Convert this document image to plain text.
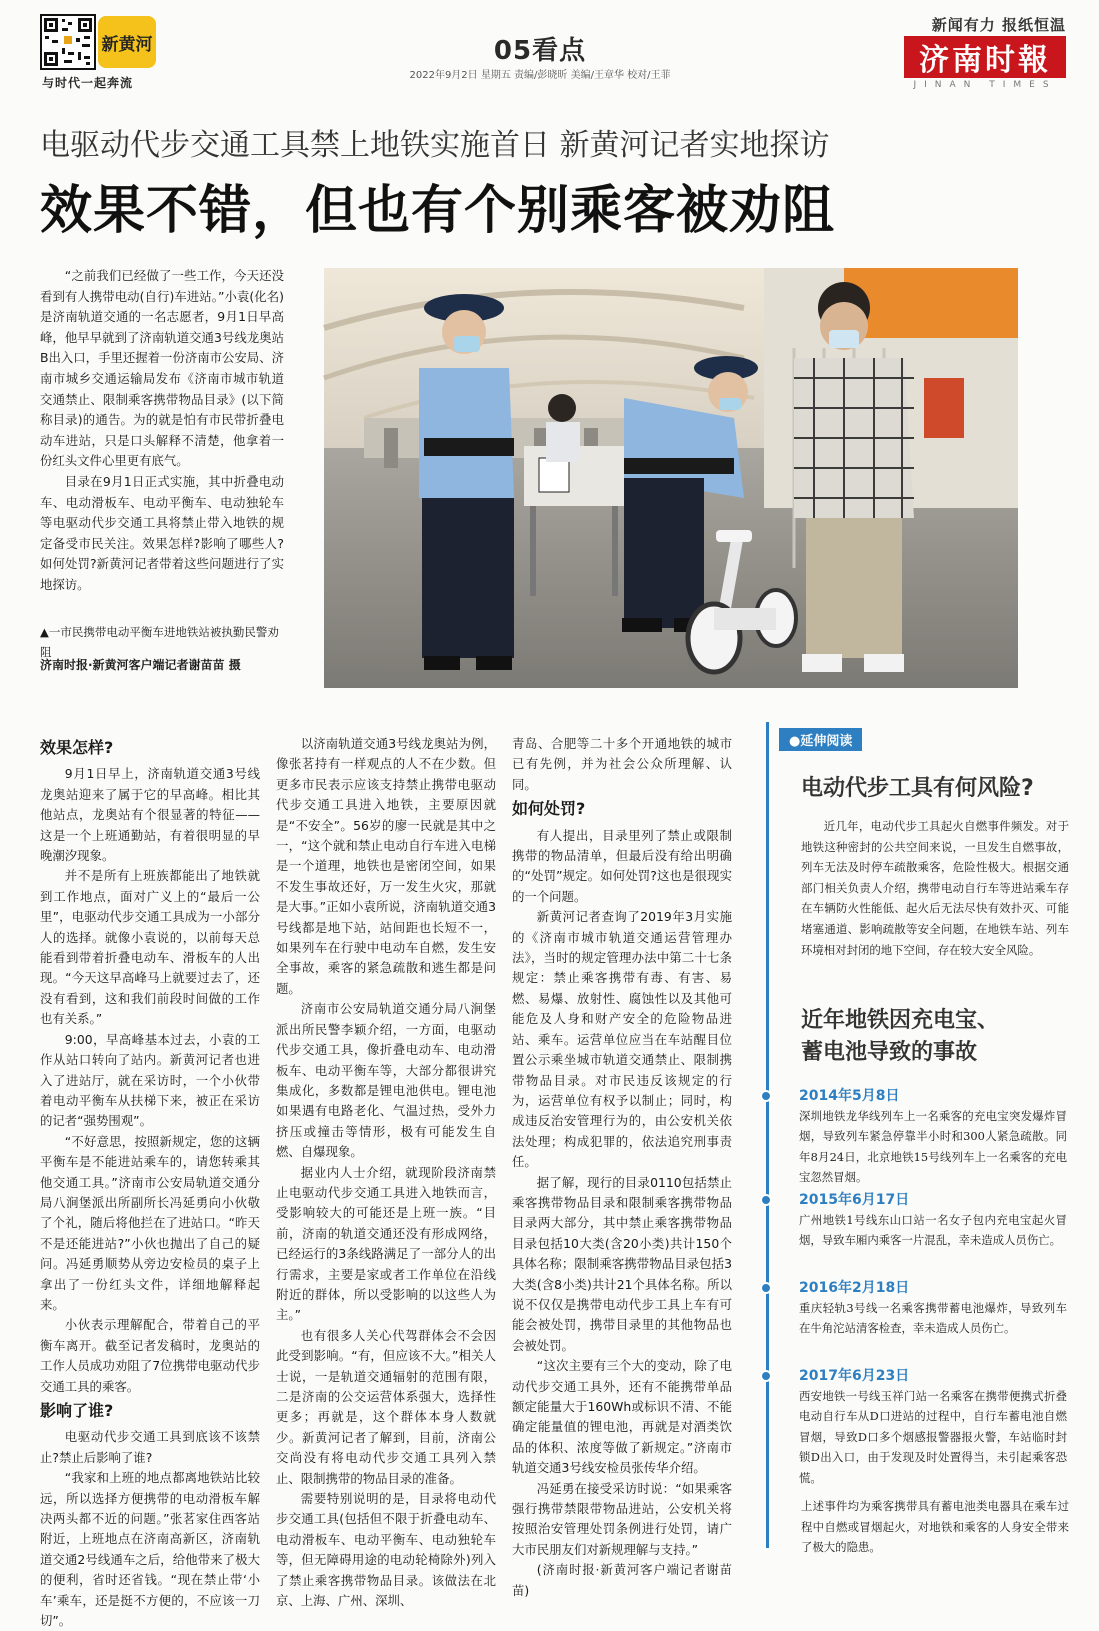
新黄河
与时代一起奔流
05看点
2022年9月2日 星期五 责编/彭晓昕 美编/王章华 校对/王菲
新闻有力 报纸恒温
济南时報
JINAN TIMES
电驱动代步交通工具禁上地铁实施首日 新黄河记者实地探访
效果不错，但也有个别乘客被劝阻

“之前我们已经做了一些工作，今天还没看到有人携带电动(自行)车进站。”小袁(化名)是济南轨道交通的一名志愿者，9月1日早高峰，他早早就到了济南轨道交通3号线龙奥站B出入口，手里还握着一份济南市公安局、济南市城乡交通运输局发布《济南市城市轨道交通禁止、限制乘客携带物品目录》(以下简称目录)的通告。为的就是怕有市民带折叠电动车进站，只是口头解释不清楚，他拿着一份红头文件心里更有底气。

目录在9月1日正式实施，其中折叠电动车、电动滑板车、电动平衡车、电动独轮车等电驱动代步交通工具将禁止带入地铁的规定备受市民关注。效果怎样?影响了哪些人?如何处罚?新黄河记者带着这些问题进行了实地探访。

▲一市民携带电动平衡车进地铁站被执勤民警劝阻
济南时报·新黄河客户端记者谢苗苗 摄
效果怎样?

9月1日早上，济南轨道交通3号线龙奥站迎来了属于它的早高峰。相比其他站点，龙奥站有个很显著的特征——这是一个上班通勤站，有着很明显的早晚潮汐现象。

并不是所有上班族都能出了地铁就到工作地点，面对广义上的“最后一公里”，电驱动代步交通工具成为一小部分人的选择。就像小袁说的，以前每天总能看到带着折叠电动车、滑板车的人出现。“今天这早高峰马上就要过去了，还没有看到，这和我们前段时间做的工作也有关系。”

9:00，早高峰基本过去，小袁的工作从站口转向了站内。新黄河记者也进入了进站厅，就在采访时，一个小伙带着电动平衡车从扶梯下来，被正在采访的记者“强势围观”。

“不好意思，按照新规定，您的这辆平衡车是不能进站乘车的，请您转乘其他交通工具。”济南市公安局轨道交通分局八涧堡派出所副所长冯延勇向小伙敬了个礼，随后将他拦在了进站口。“昨天不是还能进站?”小伙也抛出了自己的疑问。冯延勇顺势从旁边安检员的桌子上拿出了一份红头文件，详细地解释起来。

小伙表示理解配合，带着自己的平衡车离开。截至记者发稿时，龙奥站的工作人员成功劝阻了7位携带电驱动代步交通工具的乘客。

影响了谁?

电驱动代步交通工具到底该不该禁止?禁止后影响了谁?

“我家和上班的地点都离地铁站比较远，所以选择方便携带的电动滑板车解决两头都不近的问题。”张茗家住西客站附近，上班地点在济南高新区，济南轨道交通2号线通车之后，给他带来了极大的便利，省时还省钱。“现在禁止带‘小车’乘车，还是挺不方便的，不应该一刀切”。

以济南轨道交通3号线龙奥站为例，像张茗持有一样观点的人不在少数。但更多市民表示应该支持禁止携带电驱动代步交通工具进入地铁，主要原因就是“不安全”。56岁的廖一民就是其中之一，“这个就和禁止电动自行车进入电梯是一个道理，地铁也是密闭空间，如果不发生事故还好，万一发生火灾，那就是大事。”正如小袁所说，济南轨道交通3号线都是地下站，站间距也长短不一，如果列车在行驶中电动车自燃，发生安全事故，乘客的紧急疏散和逃生都是问题。

济南市公安局轨道交通分局八涧堡派出所民警李颖介绍，一方面，电驱动代步交通工具，像折叠电动车、电动滑板车、电动平衡车等，大部分都很讲究集成化，多数都是锂电池供电。锂电池如果遇有电路老化、气温过热，受外力挤压或撞击等情形，极有可能发生自燃、自爆现象。

据业内人士介绍，就现阶段济南禁止电驱动代步交通工具进入地铁而言，受影响较大的可能还是上班一族。“目前，济南的轨道交通还没有形成网络，已经运行的3条线路满足了一部分人的出行需求，主要是家或者工作单位在沿线附近的群体，所以受影响的以这些人为主。”

也有很多人关心代驾群体会不会因此受到影响。“有，但应该不大。”相关人士说，一是轨道交通辐射的范围有限，二是济南的公交运营体系强大，选择性更多；再就是，这个群体本身人数就少。新黄河记者了解到，目前，济南公交尚没有将电动代步交通工具列入禁止、限制携带的物品目录的准备。

需要特别说明的是，目录将电动代步交通工具(包括但不限于折叠电动车、电动滑板车、电动平衡车、电动独轮车等，但无障碍用途的电动轮椅除外)列入了禁止乘客携带物品目录。该做法在北京、上海、广州、深圳、

青岛、合肥等二十多个开通地铁的城市已有先例，并为社会公众所理解、认同。

如何处罚?

有人提出，目录里列了禁止或限制携带的物品清单，但最后没有给出明确的“处罚”规定。如何处罚?这也是很现实的一个问题。

新黄河记者查询了2019年3月实施的《济南市城市轨道交通运营管理办法》，当时的规定管理办法中第二十七条规定：禁止乘客携带有毒、有害、易燃、易爆、放射性、腐蚀性以及其他可能危及人身和财产安全的危险物品进站、乘车。运营单位应当在车站醒目位置公示乘坐城市轨道交通禁止、限制携带物品目录。对市民违反该规定的行为，运营单位有权予以制止；同时，构成违反治安管理行为的，由公安机关依法处理；构成犯罪的，依法追究刑事责任。

据了解，现行的目录0110包括禁止乘客携带物品目录和限制乘客携带物品目录两大部分，其中禁止乘客携带物品目录包括10大类(含20小类)共计150个具体名称；限制乘客携带物品目录包括3大类(含8小类)共计21个具体名称。所以说不仅仅是携带电动代步工具上车有可能会被处罚，携带目录里的其他物品也会被处罚。

“这次主要有三个大的变动，除了电动代步交通工具外，还有不能携带单品额定能量大于160Wh或标识不清、不能确定能量值的锂电池，再就是对酒类饮品的体积、浓度等做了新规定。”济南市轨道交通3号线安检员张传华介绍。

冯延勇在接受采访时说：“如果乘客强行携带禁限带物品进站，公安机关将按照治安管理处罚条例进行处罚，请广大市民朋友们对新规理解与支持。”

(济南时报·新黄河客户端记者谢苗苗)

●延伸阅读
电动代步工具有何风险?
近几年，电动代步工具起火自燃事件频发。对于地铁这种密封的公共空间来说，一旦发生自燃事故，列车无法及时停车疏散乘客，危险性极大。根据交通部门相关负责人介绍，携带电动自行车等进站乘车存在车辆防火性能低、起火后无法尽快有效扑灭、可能堵塞通道、影响疏散等安全问题，在地铁车站、列车环境相对封闭的地下空间，存在较大安全风险。
近年地铁因充电宝、
蓄电池导致的事故
2014年5月8日
深圳地铁龙华线列车上一名乘客的充电宝突发爆炸冒烟，导致列车紧急停靠半小时和300人紧急疏散。同年8月24日，北京地铁15号线列车上一名乘客的充电宝忽然冒烟。
2015年6月17日
广州地铁1号线东山口站一名女子包内充电宝起火冒烟，导致车厢内乘客一片混乱，幸未造成人员伤亡。
2016年2月18日
重庆轻轨3号线一名乘客携带蓄电池爆炸，导致列车在牛角沱站清客检查，幸未造成人员伤亡。
2017年6月23日
西安地铁一号线玉祥门站一名乘客在携带便携式折叠电动自行车从D口进站的过程中，自行车蓄电池自燃冒烟，导致D口多个烟感报警器报火警，车站临时封锁D出入口，由于发现及时处置得当，未引起乘客恐慌。
上述事件均为乘客携带具有蓄电池类电器具在乘车过程中自燃或冒烟起火，对地铁和乘客的人身安全带来了极大的隐患。
